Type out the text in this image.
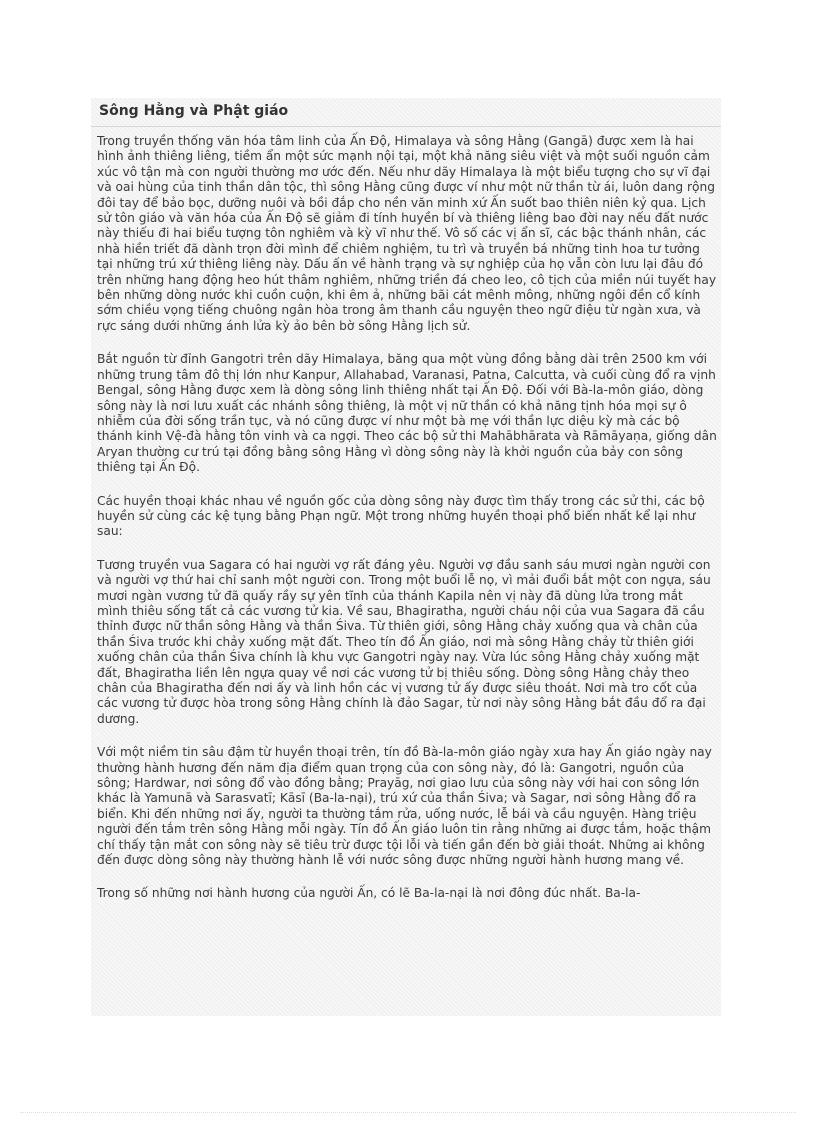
Sông Hằng và Phật giáo

Trong truyền thống văn hóa tâm linh của Ấn Độ, Himalaya và sông Hằng (Gangā) được xem là hai hình ảnh thiêng liêng, tiềm ẩn một sức mạnh nội tại, một khả năng siêu việt và một suối nguồn cảm xúc vô tận mà con người thường mơ ước đến. Nếu như dãy Himalaya là một biểu tượng cho sự vĩ đại và oai hùng của tinh thần dân tộc, thì sông Hằng cũng được ví như một nữ thần từ ái, luôn dang rộng đôi tay để bảo bọc, dưỡng nuôi và bồi đắp cho nền văn minh xứ Ấn suốt bao thiên niên kỷ qua. Lịch sử tôn giáo và văn hóa của Ấn Độ sẽ giảm đi tính huyền bí và thiêng liêng bao đời nay nếu đất nước này thiếu đi hai biểu tượng tôn nghiêm và kỳ vĩ như thế. Vô số các vị ẩn sĩ, các bậc thánh nhân, các nhà hiền triết đã dành trọn đời mình để chiêm nghiệm, tu trì và truyền bá những tinh hoa tư tưởng tại những trú xứ thiêng liêng này. Dấu ấn về hành trạng và sự nghiệp của họ vẫn còn lưu lại đâu đó trên những hang động heo hút thâm nghiêm, những triền đá cheo leo, cô tịch của miền núi tuyết hay bên những dòng nước khi cuồn cuộn, khi êm ả, những bãi cát mênh mông, những ngôi đền cổ kính sớm chiều vọng tiếng chuông ngân hòa trong âm thanh cầu nguyện theo ngữ điệu từ ngàn xưa, và rực sáng dưới những ánh lửa kỳ ảo bên bờ sông Hằng lịch sử.

Bắt nguồn từ đỉnh Gangotri trên dãy Himalaya, băng qua một vùng đồng bằng dài trên 2500 km với những trung tâm đô thị lớn như Kanpur, Allahabad, Varanasi, Patna, Calcutta, và cuối cùng đổ ra vịnh Bengal, sông Hằng được xem là dòng sông linh thiêng nhất tại Ấn Độ. Đối với Bà-la-môn giáo, dòng sông này là nơi lưu xuất các nhánh sông thiêng, là một vị nữ thần có khả năng tịnh hóa mọi sự ô nhiễm của đời sống trần tục, và nó cũng được ví như một bà mẹ với thần lực diệu kỳ mà các bộ thánh kinh Vệ-đà hằng tôn vinh và ca ngợi. Theo các bộ sử thi Mahābhārata và Rāmāyaṇa, giống dân Aryan thường cư trú tại đồng bằng sông Hằng vì dòng sông này là khởi nguồn của bảy con sông thiêng tại Ấn Độ.

Các huyền thoại khác nhau về nguồn gốc của dòng sông này được tìm thấy trong các sử thi, các bộ huyền sử cùng các kệ tụng bằng Phạn ngữ. Một trong những huyền thoại phổ biến nhất kể lại như sau:

Tương truyền vua Sagara có hai người vợ rất đáng yêu. Người vợ đầu sanh sáu mươi ngàn người con và người vợ thứ hai chỉ sanh một người con. Trong một buổi lễ nọ, vì mải đuổi bắt một con ngựa, sáu mươi ngàn vương tử đã quấy rầy sự yên tĩnh của thánh Kapila nên vị này đã dùng lửa trong mắt mình thiêu sống tất cả các vương tử kia. Về sau, Bhagiratha, người cháu nội của vua Sagara đã cầu thỉnh được nữ thần sông Hằng và thần Śiva. Từ thiên giới, sông Hằng chảy xuống qua và chân của thần Śiva trước khi chảy xuống mặt đất. Theo tín đồ Ấn giáo, nơi mà sông Hằng chảy từ thiên giới xuống chân của thần Śiva chính là khu vực Gangotri ngày nay. Vừa lúc sông Hằng chảy xuống mặt đất, Bhagiratha liền lên ngựa quay về nơi các vương tử bị thiêu sống. Dòng sông Hằng chảy theo chân của Bhagiratha đến nơi ấy và linh hồn các vị vương tử ấy được siêu thoát. Nơi mà tro cốt của các vương tử được hòa trong sông Hằng chính là đảo Sagar, từ nơi này sông Hằng bắt đầu đổ ra đại dương.

Với một niềm tin sâu đậm từ huyền thoại trên, tín đồ Bà-la-môn giáo ngày xưa hay Ấn giáo ngày nay thường hành hương đến năm địa điểm quan trọng của con sông này, đó là: Gangotri, nguồn của sông; Hardwar, nơi sông đổ vào đồng bằng; Prayāg, nơi giao lưu của sông này với hai con sông lớn khác là Yamunā và Sarasvatī; Kāsī (Ba-la-nại), trú xứ của thần Śiva; và Sagar, nơi sông Hằng đổ ra biển. Khi đến những nơi ấy, người ta thường tắm rửa, uống nước, lễ bái và cầu nguyện. Hàng triệu người đến tắm trên sông Hằng mỗi ngày. Tín đồ Ấn giáo luôn tin rằng những ai được tắm, hoặc thậm chí thấy tận mắt con sông này sẽ tiêu trừ được tội lỗi và tiến gần đến bờ giải thoát. Những ai không đến được dòng sông này thường hành lễ với nước sông được những người hành hương mang về.

Trong số những nơi hành hương của người Ấn, có lẽ Ba-la-nại là nơi đông đúc nhất. Ba-la-
